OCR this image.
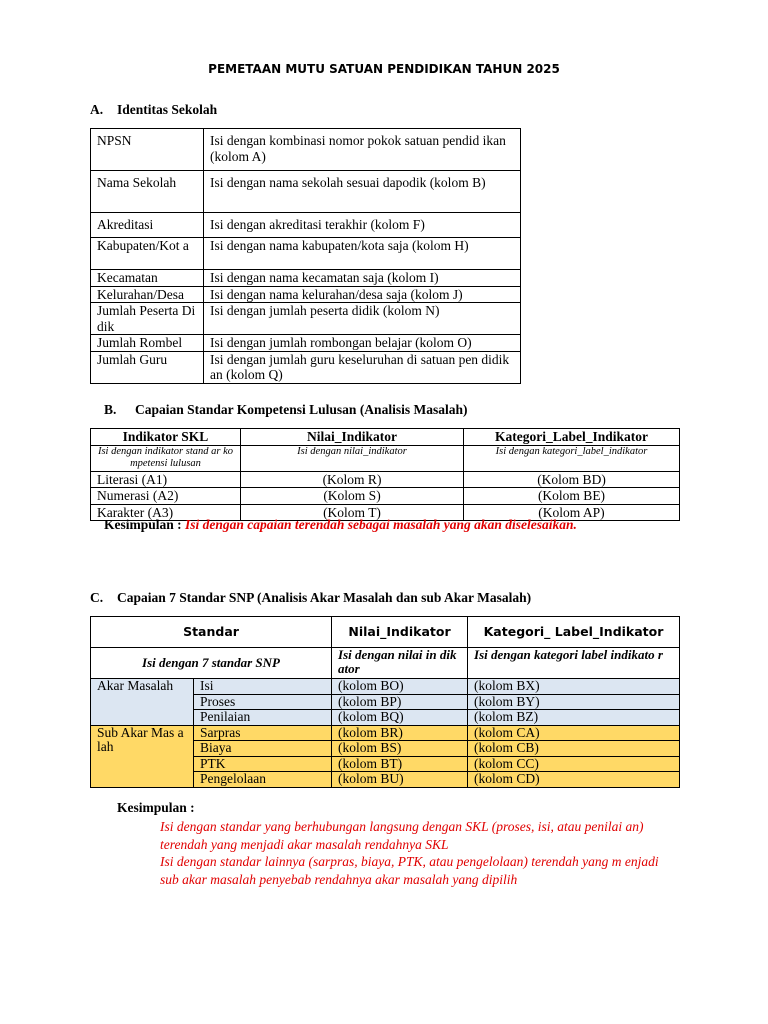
PEMETAAN MUTU SATUAN PENDIDIKAN TAHUN 2025
A. Identitas Sekolah
NPSN	Isi dengan kombinasi nomor pokok satuan pendid ikan (kolom A)
Nama Sekolah	Isi dengan nama sekolah sesuai dapodik (kolom B)
Akreditasi	Isi dengan akreditasi terakhir (kolom F)
Kabupaten/Kot a	Isi dengan nama kabupaten/kota saja (kolom H)
Kecamatan	Isi dengan nama kecamatan saja (kolom I)
Kelurahan/Desa	Isi dengan nama kelurahan/desa saja (kolom J)
Jumlah Peserta Didik	Isi dengan jumlah peserta didik (kolom N)
Jumlah Rombel	Isi dengan jumlah rombongan belajar (kolom O)
Jumlah Guru	Isi dengan jumlah guru keseluruhan di satuan pen didikan (kolom Q)
B. Capaian Standar Kompetensi Lulusan (Analisis Masalah)
Indikator SKL	Nilai_Indikator	Kategori_Label_Indikator
Isi dengan indikator stand ar kompetensi lulusan	Isi dengan nilai_indikator	Isi dengan kategori_label_indikator
Literasi (A1)	(Kolom R)	(Kolom BD)
Numerasi (A2)	(Kolom S)	(Kolom BE)
Karakter (A3)	(Kolom T)	(Kolom AP)
Kesimpulan : Isi dengan capaian terendah sebagai masalah yang akan diselesaikan.
C. Capaian 7 Standar SNP (Analisis Akar Masalah dan sub Akar Masalah)
Standar		Nilai_Indikator	Kategori_ Label_Indikator
Isi dengan 7 standar SNP		Isi dengan nilai in dikator	Isi dengan kategori label indikato r
Akar Masalah	Isi	(kolom BO)	(kolom BX)
	Proses	(kolom BP)	(kolom BY)
	Penilaian	(kolom BQ)	(kolom BZ)
Sub Akar Mas alah	Sarpras	(kolom BR)	(kolom CA)
	Biaya	(kolom BS)	(kolom CB)
	PTK	(kolom BT)	(kolom CC)
	Pengelolaan	(kolom BU)	(kolom CD)
Kesimpulan :
Isi dengan standar yang berhubungan langsung dengan SKL (proses, isi, atau penilai an) terendah yang menjadi akar masalah rendahnya SKL
Isi dengan standar lainnya (sarpras, biaya, PTK, atau pengelolaan) terendah yang m enjadi sub akar masalah penyebab rendahnya akar masalah yang dipilih
